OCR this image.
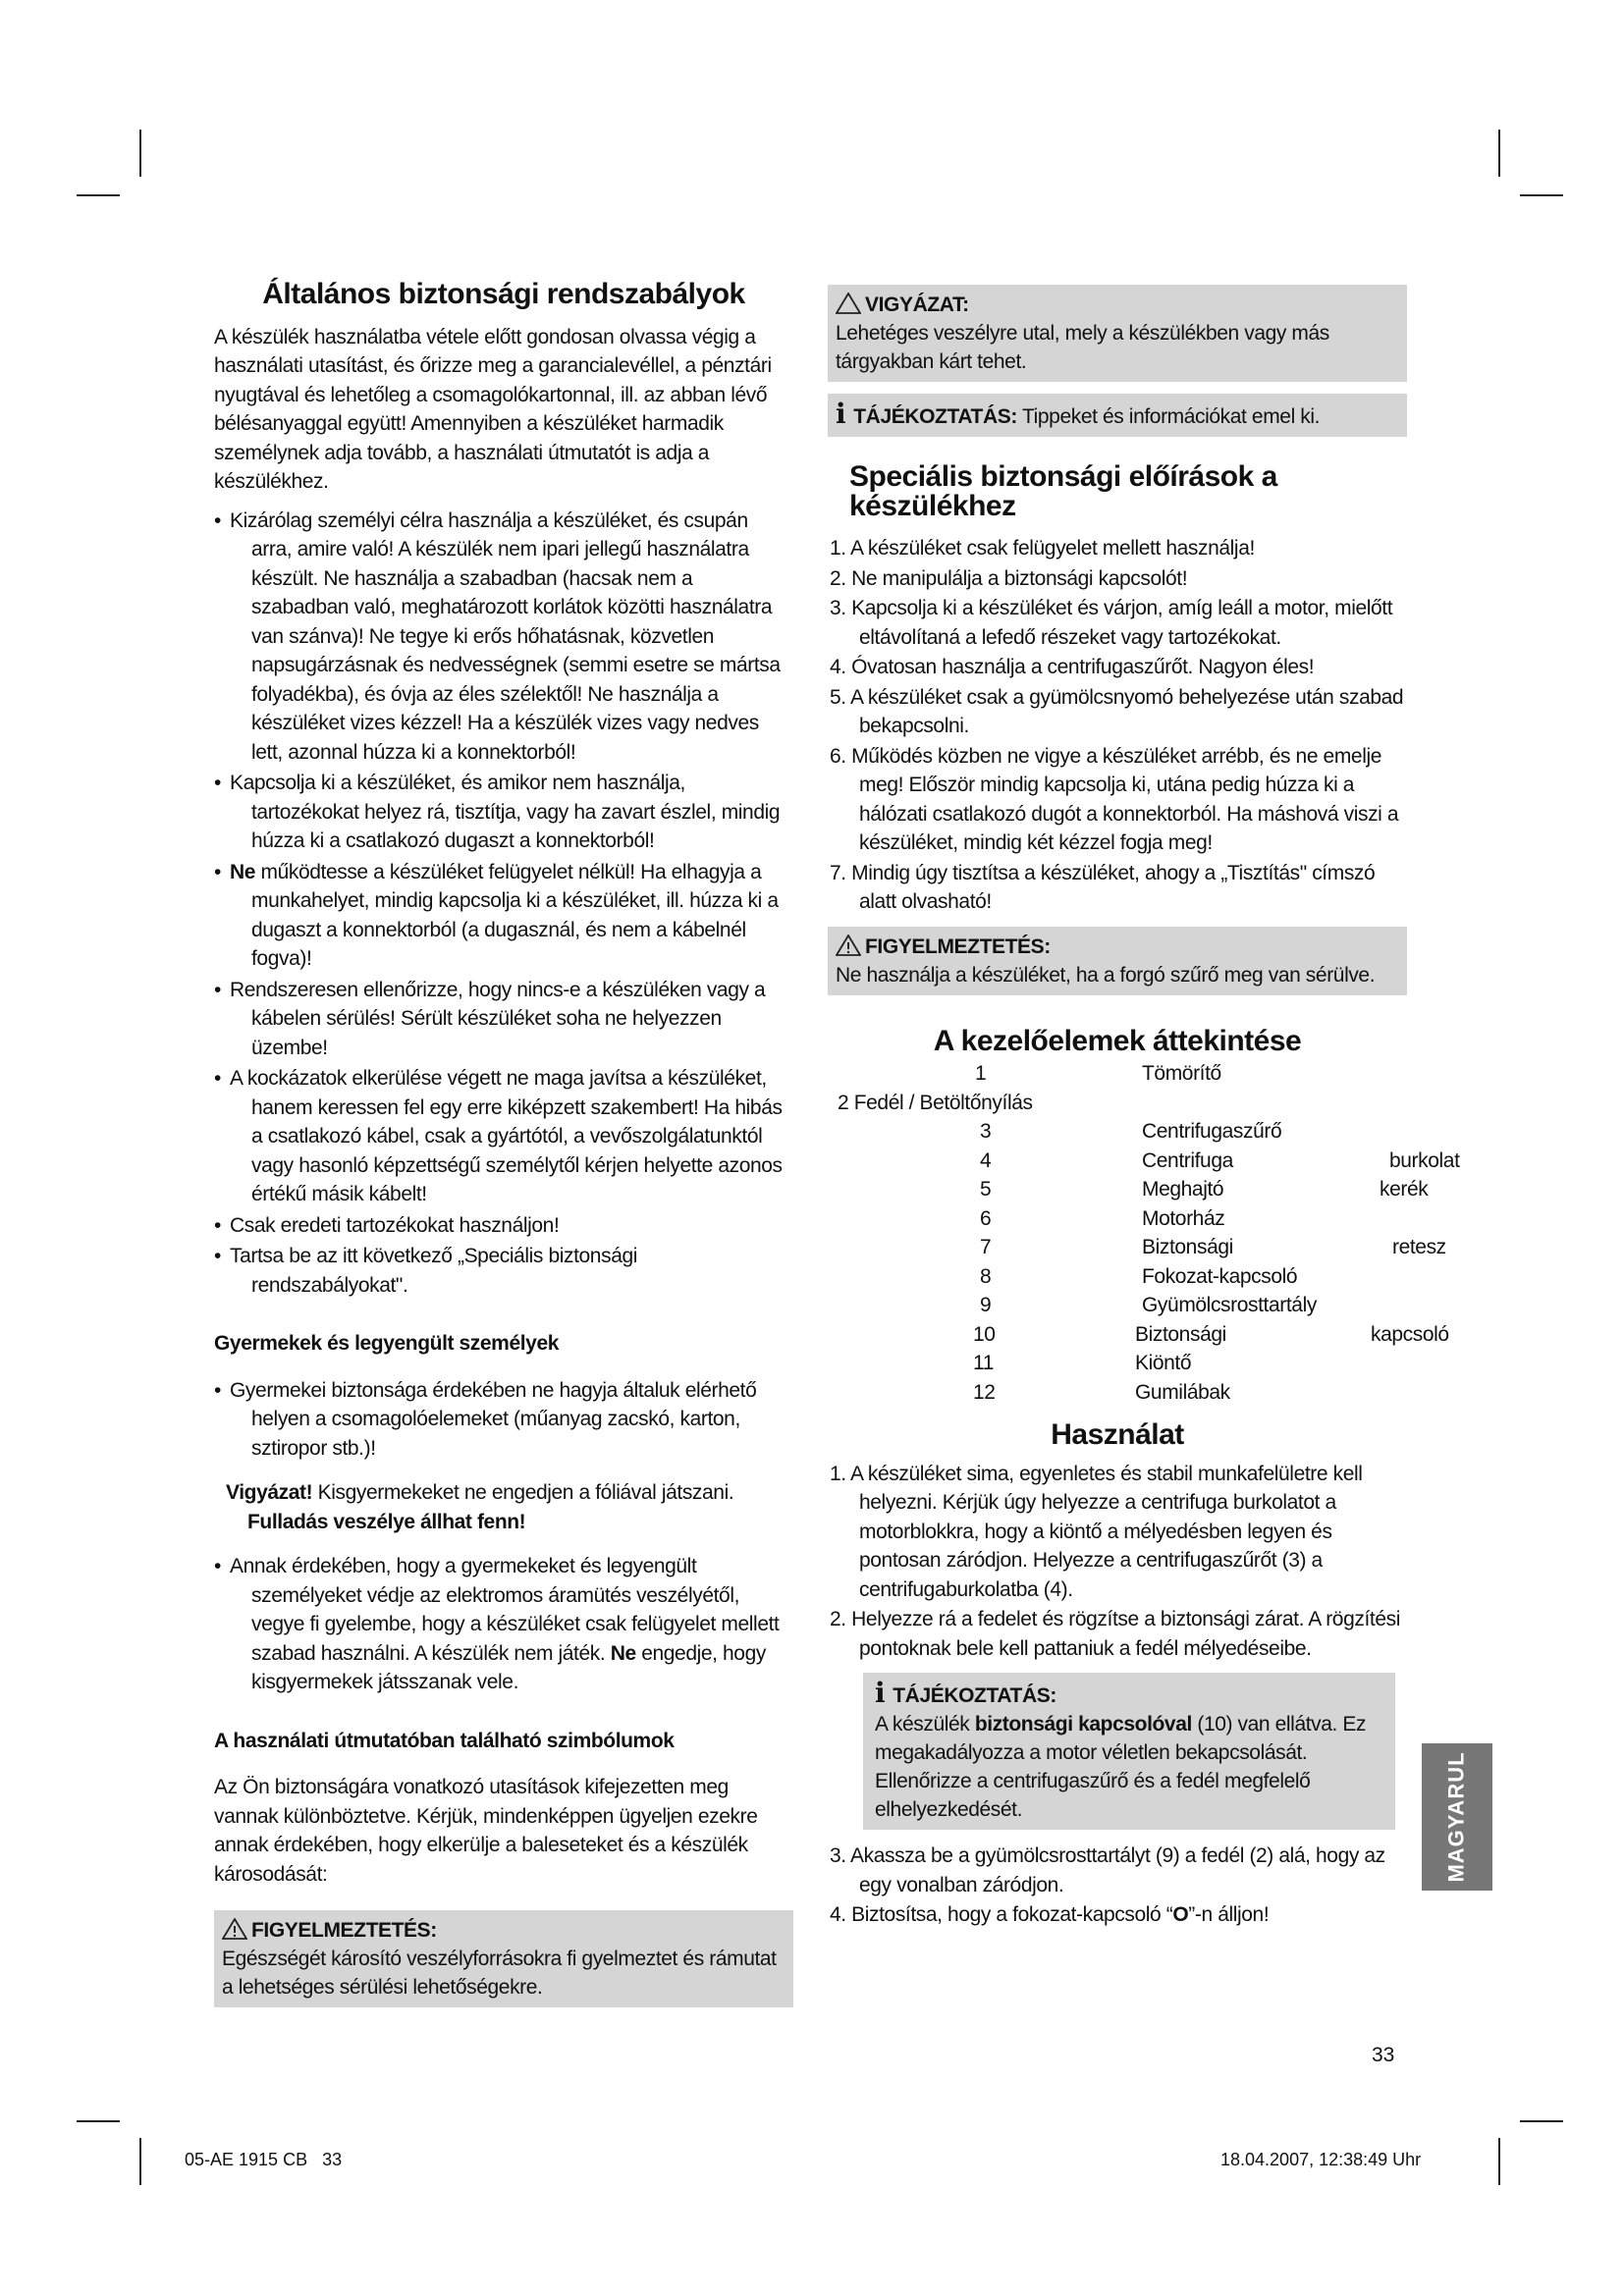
Általános biztonsági rendszabályok

A készülék használatba vétele előtt gondosan olvassa végig a használati utasítást, és őrizze meg a garancialevéllel, a pénztári nyugtával és lehetőleg a csomagolókartonnal, ill. az abban lévő bélésanyaggal együtt! Amennyiben a készüléket harmadik személynek adja tovább, a használati útmutatót is adja a készülékhez.

• Kizárólag személyi célra használja a készüléket, és csupán arra, amire való! A készülék nem ipari jellegű használatra készült. Ne használja a szabadban (hacsak nem a szabadban való, meghatározott korlátok közötti használatra van szánva)! Ne tegye ki erős hőhatásnak, közvetlen napsugárzásnak és nedvességnek (semmi esetre se mártsa folyadékba), és óvja az éles szélektől! Ne használja a készüléket vizes kézzel! Ha a készülék vizes vagy nedves lett, azonnal húzza ki a konnektorból!
• Kapcsolja ki a készüléket, és amikor nem használja, tartozékokat helyez rá, tisztítja, vagy ha zavart észlel, mindig húzza ki a csatlakozó dugaszt a konnektorból!
• Ne működtesse a készüléket felügyelet nélkül! Ha elhagyja a munkahelyet, mindig kapcsolja ki a készüléket, ill. húzza ki a dugaszt a konnektorból (a dugasznál, és nem a kábelnél fogva)!
• Rendszeresen ellenőrizze, hogy nincs-e a készüléken vagy a kábelen sérülés! Sérült készüléket soha ne helyezzen üzembe!
• A kockázatok elkerülése végett ne maga javítsa a készüléket, hanem keressen fel egy erre kiképzett szakembert! Ha hibás a csatlakozó kábel, csak a gyártótól, a vevőszolgálatunktól vagy hasonló képzettségű személytől kérjen helyette azonos értékű másik kábelt!
• Csak eredeti tartozékokat használjon!
• Tartsa be az itt következő „Speciális biztonsági rendszabályokat".
Gyermekek és legyengült személyek
• Gyermekei biztonsága érdekében ne hagyja általuk elérhető helyen a csomagolóelemeket (műanyag zacskó, karton, sztiropor stb.)!
Vigyázat! Kisgyermekeket ne engedjen a fóliával játszani.
Fulladás veszélye állhat fenn!
• Annak érdekében, hogy a gyermekeket és legyengült személyeket védje az elektromos áramütés veszélyétől, vegye fi gyelembe, hogy a készüléket csak felügyelet mellett szabad használni. A készülék nem játék. Ne engedje, hogy kisgyermekek játsszanak vele.
A használati útmutatóban található szimbólumok

Az Ön biztonságára vonatkozó utasítások kifejezetten meg vannak különböztetve. Kérjük, mindenképpen ügyeljen ezekre annak érdekében, hogy elkerülje a baleseteket és a készülék károsodását:

FIGYELMEZTETÉS:
Egészségét károsító veszélyforrásokra fi gyelmeztet és rámutat a lehetséges sérülési lehetőségekre.
VIGYÁZAT:
Lehetéges veszélyre utal, mely a készülékben vagy más tárgyakban kárt tehet.
i TÁJÉKOZTATÁS: Tippeket és információkat emel ki.
Speciális biztonsági előírások a készülékhez
1. A készüléket csak felügyelet mellett használja!
2. Ne manipulálja a biztonsági kapcsolót!
3. Kapcsolja ki a készüléket és várjon, amíg leáll a motor, mielőtt eltávolítaná a lefedő részeket vagy tartozékokat.
4. Óvatosan használja a centrifugaszűrőt. Nagyon éles!
5. A készüléket csak a gyümölcsnyomó behelyezése után szabad bekapcsolni.
6. Működés közben ne vigye a készüléket arrébb, és ne emelje meg! Először mindig kapcsolja ki, utána pedig húzza ki a hálózati csatlakozó dugót a konnektorból. Ha máshová viszi a készüléket, mindig két kézzel fogja meg!
7. Mindig úgy tisztítsa a készüléket, ahogy a „Tisztítás" címszó alatt olvasható!
FIGYELMEZTETÉS:
Ne használja a készüléket, ha a forgó szűrő meg van sérülve.
A kezelőelemek áttekintése
1	Tömörítő
2 Fedél / Betöltőnyílás
3	Centrifugaszűrő
4	Centrifuga	burkolat
5	Meghajtó	kerék
6	Motorház
7	Biztonsági	retesz
8	Fokozat-kapcsoló
9	Gyümölcsrosttartály
10	Biztonsági	kapcsoló
11	Kiöntő
12	Gumilábak
Használat
1. A készüléket sima, egyenletes és stabil munkafelületre kell helyezni. Kérjük úgy helyezze a centrifuga burkolatot a motorblokkra, hogy a kiöntő a mélyedésben legyen és pontosan záródjon. Helyezze a centrifugaszűrőt (3) a centrifugaburkolatba (4).
2. Helyezze rá a fedelet és rögzítse a biztonsági zárat. A rögzítési pontoknak bele kell pattaniuk a fedél mélyedéseibe.
i TÁJÉKOZTATÁS:
A készülék biztonsági kapcsolóval (10) van ellátva. Ez megakadályozza a motor véletlen bekapcsolását. Ellenőrizze a centrifugaszűrő és a fedél megfelelő elhelyezkedését.
3. Akassza be a gyümölcsrosttartályt (9) a fedél (2) alá, hogy az egy vonalban záródjon.
4. Biztosítsa, hogy a fokozat-kapcsoló “O”-n álljon!
MAGYARUL
33
05-AE 1915 CB   33	18.04.2007, 12:38:49 Uhr
